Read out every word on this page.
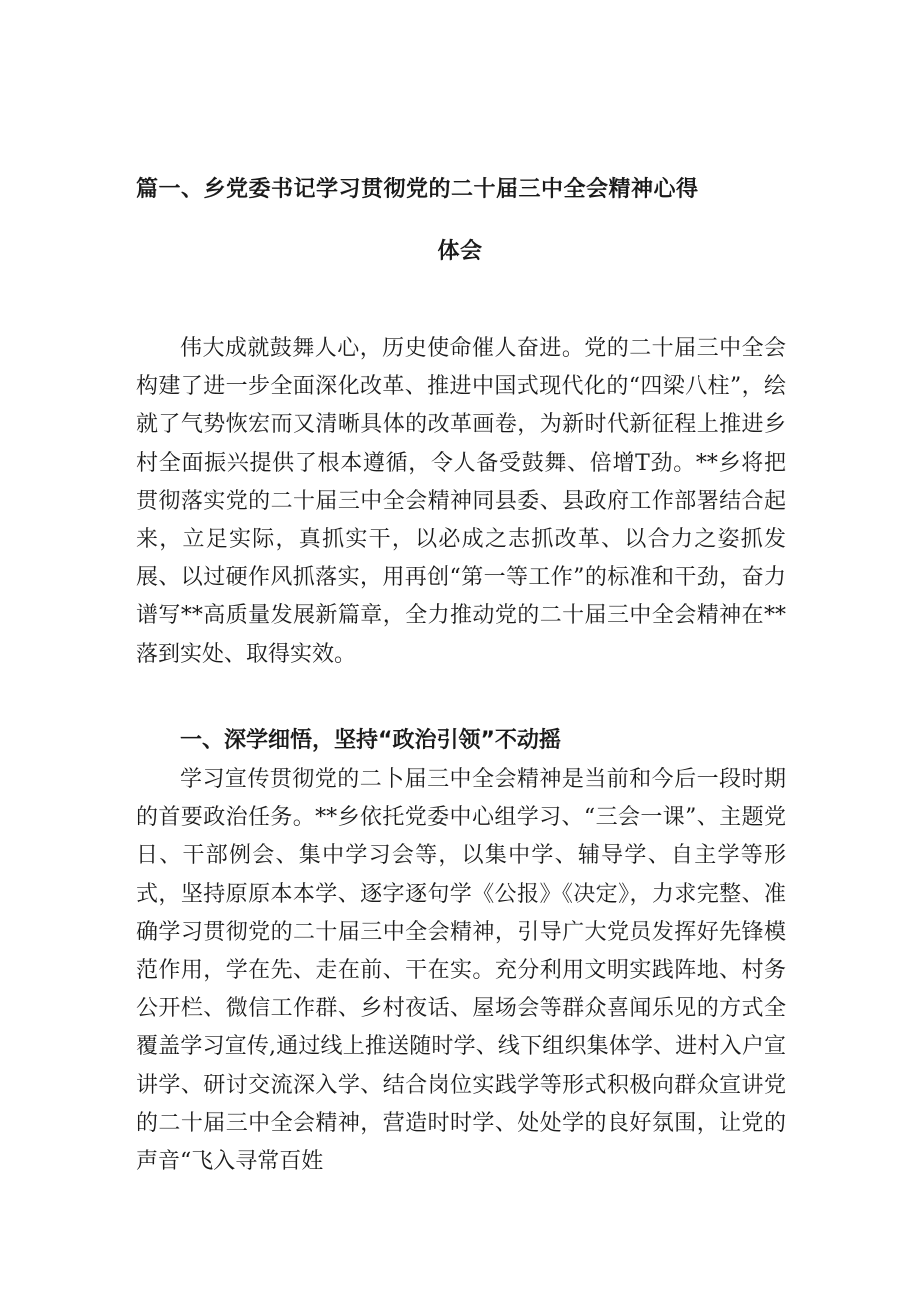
篇一、乡党委书记学习贯彻党的二十届三中全会精神心得
体会

伟大成就鼓舞人心，历史使命催人奋进。党的二十届三中全会构建了进一步全面深化改革、推进中国式现代化的“四梁八柱”，绘就了气势恢宏而又清晰具体的改革画卷，为新时代新征程上推进乡村全面振兴提供了根本遵循，令人备受鼓舞、倍增T劲。**乡将把贯彻落实党的二十届三中全会精神同县委、县政府工作部署结合起来，立足实际，真抓实干，以必成之志抓改革、以合力之姿抓发展、以过硬作风抓落实，用再创“第一等工作”的标准和干劲，奋力谱写**高质量发展新篇章，全力推动党的二十届三中全会精神在**落到实处、取得实效。

一、深学细悟，坚持“政治引领”不动摇

学习宣传贯彻党的二卜届三中全会精神是当前和今后一段时期的首要政治任务。**乡依托党委中心组学习、“三会一课”、主题党日、干部例会、集中学习会等，以集中学、辅导学、自主学等形式，坚持原原本本学、逐字逐句学《公报》《决定》，力求完整、准确学习贯彻党的二十届三中全会精神，引导广大党员发挥好先锋模范作用，学在先、走在前、干在实。充分利用文明实践阵地、村务公开栏、微信工作群、乡村夜话、屋场会等群众喜闻乐见的方式全覆盖学习宣传,通过线上推送随时学、线下组织集体学、进村入户宣讲学、研讨交流深入学、结合岗位实践学等形式积极向群众宣讲党的二十届三中全会精神，营造时时学、处处学的良好氛围，让党的声音“飞入寻常百姓
